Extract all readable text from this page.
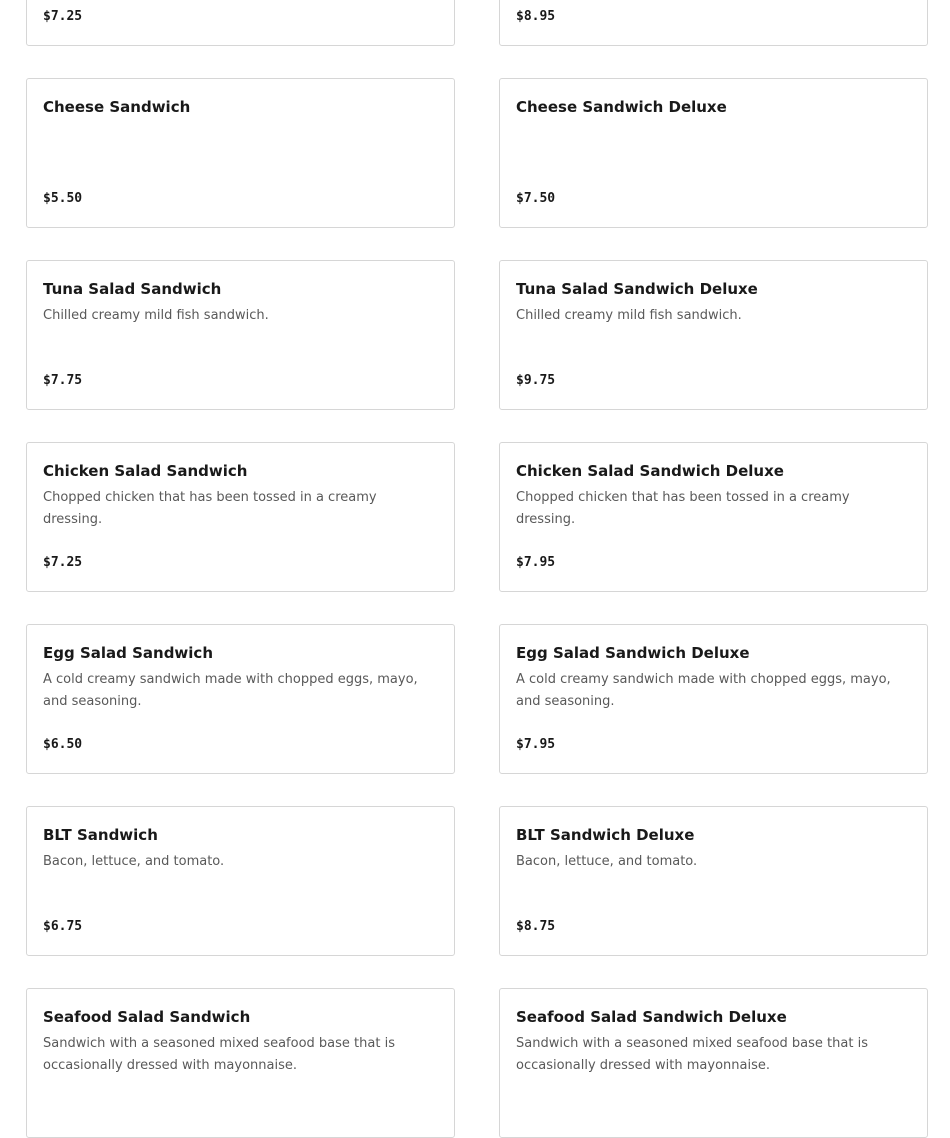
$7.25	$8.95
Cheese Sandwich
$5.50
Cheese Sandwich Deluxe
$7.50
Tuna Salad Sandwich
Chilled creamy mild fish sandwich.
$7.75
Tuna Salad Sandwich Deluxe
Chilled creamy mild fish sandwich.
$9.75
Chicken Salad Sandwich
Chopped chicken that has been tossed in a creamy dressing.
$7.25
Chicken Salad Sandwich Deluxe
Chopped chicken that has been tossed in a creamy dressing.
$7.95
Egg Salad Sandwich
A cold creamy sandwich made with chopped eggs, mayo, and seasoning.
$6.50
Egg Salad Sandwich Deluxe
A cold creamy sandwich made with chopped eggs, mayo, and seasoning.
$7.95
BLT Sandwich
Bacon, lettuce, and tomato.
$6.75
BLT Sandwich Deluxe
Bacon, lettuce, and tomato.
$8.75
Seafood Salad Sandwich
Sandwich with a seasoned mixed seafood base that is occasionally dressed with mayonnaise.
Seafood Salad Sandwich Deluxe
Sandwich with a seasoned mixed seafood base that is occasionally dressed with mayonnaise.
